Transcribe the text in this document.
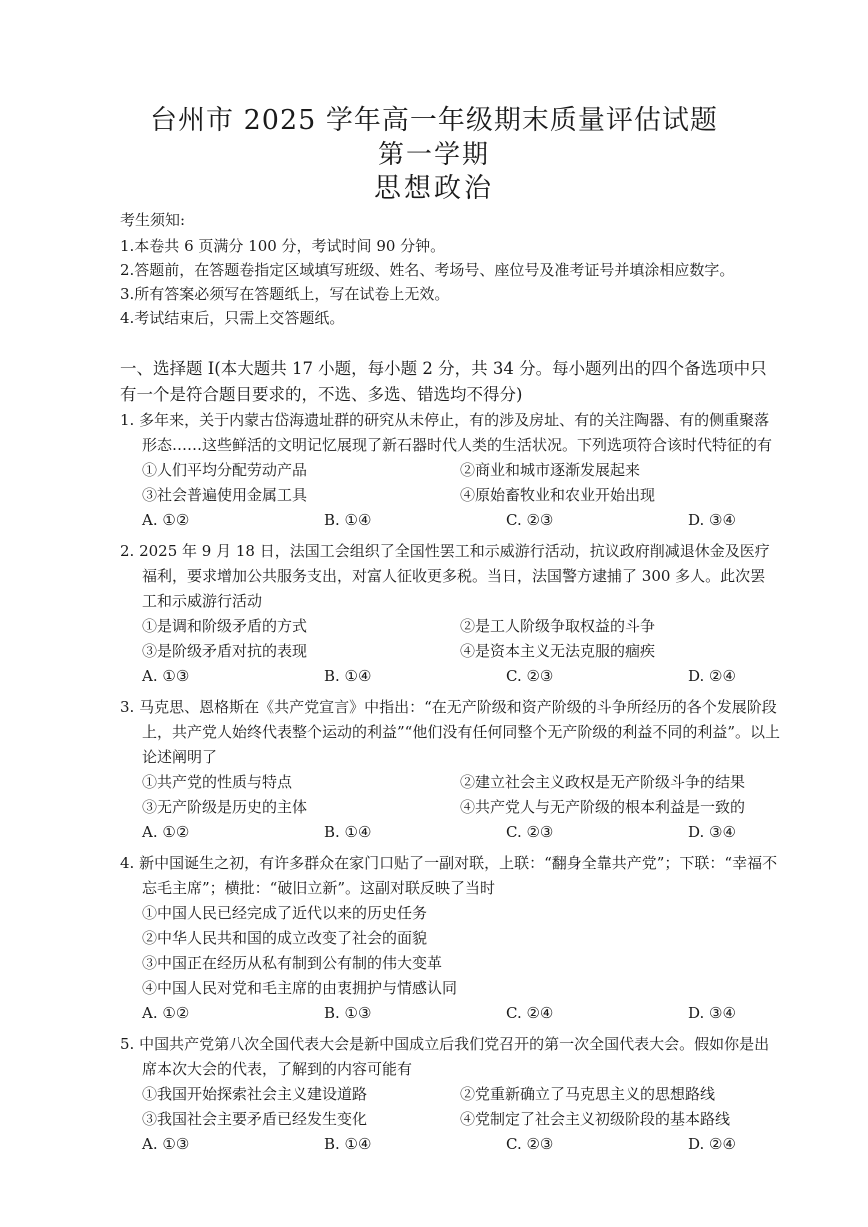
台州市 2025 学年高一年级期末质量评估试题
第一学期
思想政治
考生须知:
1.本卷共 6 页满分 100 分，考试时间 90 分钟。
2.答题前，在答题卷指定区域填写班级、姓名、考场号、座位号及准考证号并填涂相应数字。
3.所有答案必须写在答题纸上，写在试卷上无效。
4.考试结束后，只需上交答题纸。
一、选择题 I(本大题共 17 小题，每小题 2 分，共 34 分。每小题列出的四个备选项中只有一个是符合题目要求的，不选、多选、错选均不得分)
1. 多年来，关于内蒙古岱海遗址群的研究从未停止，有的涉及房址、有的关注陶器、有的侧重聚落形态……这些鲜活的文明记忆展现了新石器时代人类的生活状况。下列选项符合该时代特征的有
①人们平均分配劳动产品	②商业和城市逐渐发展起来
③社会普遍使用金属工具	④原始畜牧业和农业开始出现
A. ①②	B. ①④	C. ②③	D. ③④
2. 2025 年 9 月 18 日，法国工会组织了全国性罢工和示威游行活动，抗议政府削减退休金及医疗福利，要求增加公共服务支出，对富人征收更多税。当日，法国警方逮捕了 300 多人。此次罢工和示威游行活动
①是调和阶级矛盾的方式	②是工人阶级争取权益的斗争
③是阶级矛盾对抗的表现	④是资本主义无法克服的痼疾
A. ①③	B. ①④	C. ②③	D. ②④
3. 马克思、恩格斯在《共产党宣言》中指出：“在无产阶级和资产阶级的斗争所经历的各个发展阶段上，共产党人始终代表整个运动的利益”“他们没有任何同整个无产阶级的利益不同的利益”。以上论述阐明了
①共产党的性质与特点	②建立社会主义政权是无产阶级斗争的结果
③无产阶级是历史的主体	④共产党人与无产阶级的根本利益是一致的
A. ①②	B. ①④	C. ②③	D. ③④
4. 新中国诞生之初，有许多群众在家门口贴了一副对联，上联：“翻身全靠共产党”；下联：“幸福不忘毛主席”；横批：“破旧立新”。这副对联反映了当时
①中国人民已经完成了近代以来的历史任务
②中华人民共和国的成立改变了社会的面貌
③中国正在经历从私有制到公有制的伟大变革
④中国人民对党和毛主席的由衷拥护与情感认同
A. ①②	B. ①③	C. ②④	D. ③④
5. 中国共产党第八次全国代表大会是新中国成立后我们党召开的第一次全国代表大会。假如你是出席本次大会的代表，了解到的内容可能有
①我国开始探索社会主义建设道路	②党重新确立了马克思主义的思想路线
③我国社会主要矛盾已经发生变化	④党制定了社会主义初级阶段的基本路线
A. ①③	B. ①④	C. ②③	D. ②④
